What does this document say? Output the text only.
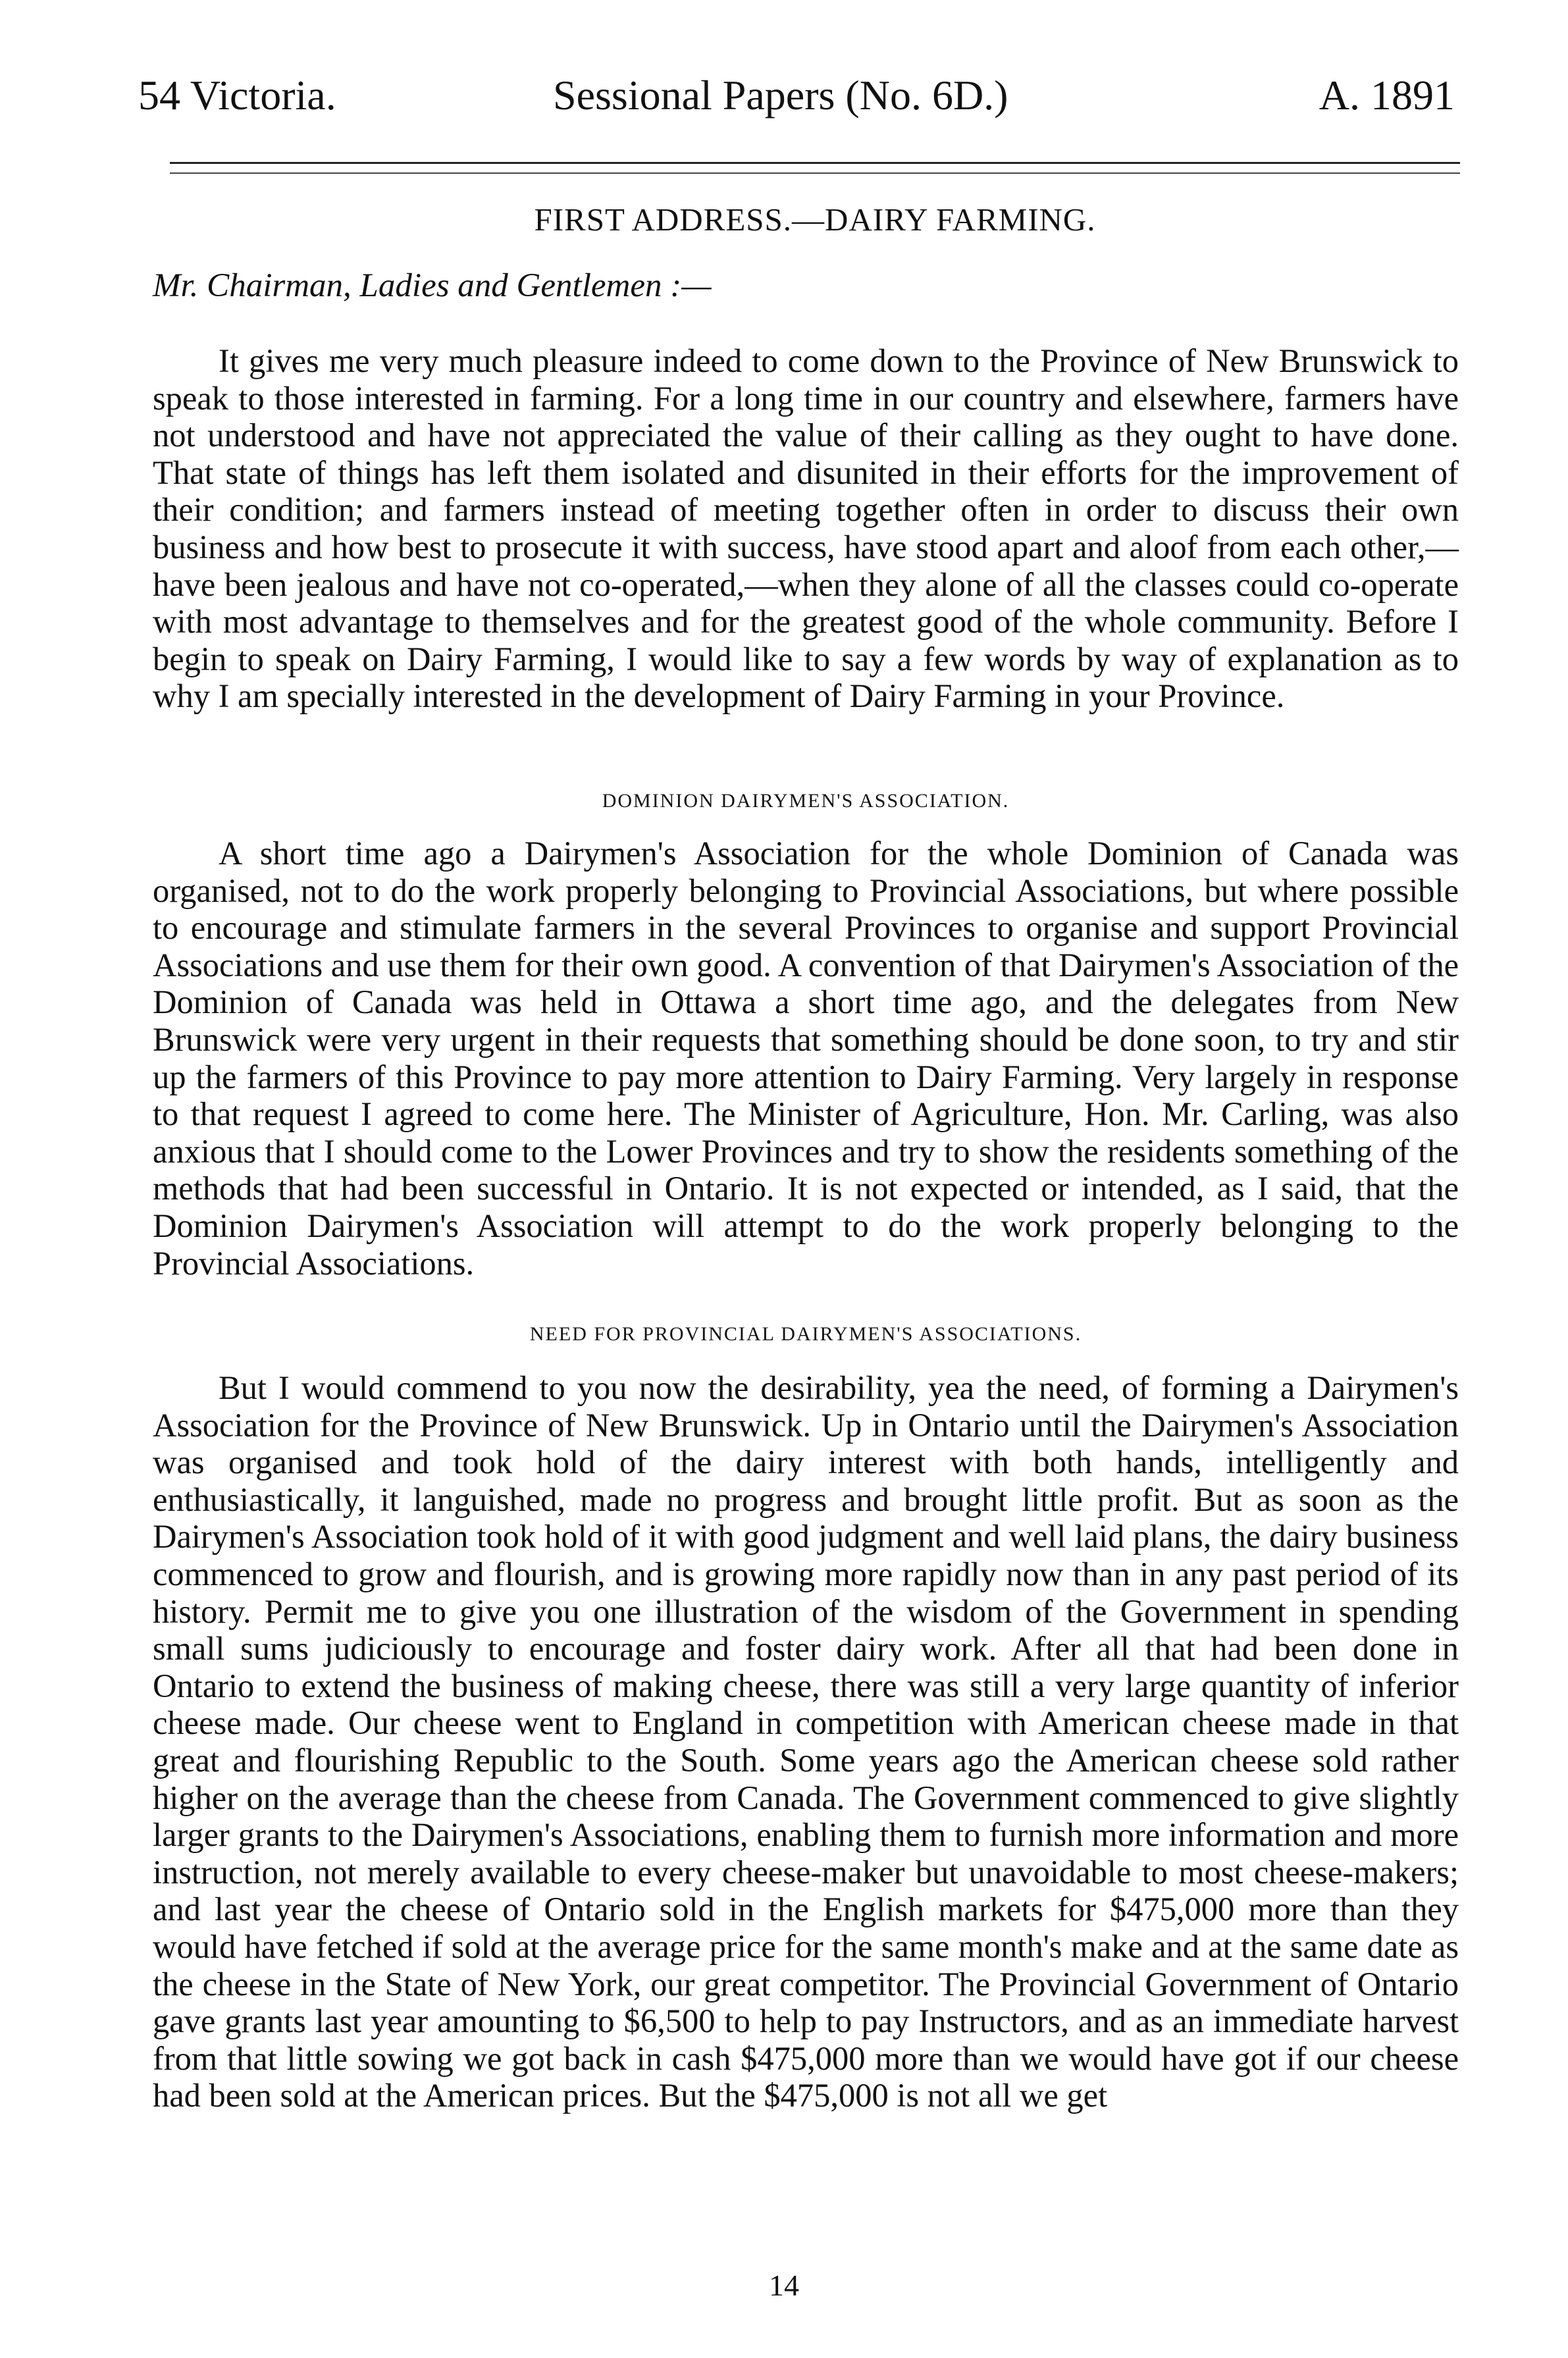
54 Victoria.	Sessional Papers (No. 6D.)	A. 1891
FIRST ADDRESS.—DAIRY FARMING.
Mr. Chairman, Ladies and Gentlemen :—

It gives me very much pleasure indeed to come down to the Province of New Brunswick to speak to those interested in farming. For a long time in our country and elsewhere, farmers have not understood and have not appreciated the value of their calling as they ought to have done. That state of things has left them isolated and disunited in their efforts for the improvement of their condition; and farmers instead of meeting together often in order to discuss their own business and how best to prosecute it with success, have stood apart and aloof from each other,—have been jealous and have not co-operated,—when they alone of all the classes could co-operate with most advantage to themselves and for the greatest good of the whole community. Before I begin to speak on Dairy Farming, I would like to say a few words by way of explanation as to why I am specially interested in the development of Dairy Farming in your Province.

DOMINION DAIRYMEN'S ASSOCIATION.

A short time ago a Dairymen's Association for the whole Dominion of Canada was organised, not to do the work properly belonging to Provincial Associations, but where possible to encourage and stimulate farmers in the several Provinces to organise and support Provincial Associations and use them for their own good. A convention of that Dairymen's Association of the Dominion of Canada was held in Ottawa a short time ago, and the delegates from New Brunswick were very urgent in their requests that something should be done soon, to try and stir up the farmers of this Province to pay more attention to Dairy Farming. Very largely in response to that request I agreed to come here. The Minister of Agriculture, Hon. Mr. Carling, was also anxious that I should come to the Lower Provinces and try to show the residents something of the methods that had been successful in Ontario. It is not expected or intended, as I said, that the Dominion Dairymen's Association will attempt to do the work properly belonging to the Provincial Associations.

NEED FOR PROVINCIAL DAIRYMEN'S ASSOCIATIONS.

But I would commend to you now the desirability, yea the need, of forming a Dairymen's Association for the Province of New Brunswick. Up in Ontario until the Dairymen's Association was organised and took hold of the dairy interest with both hands, intelligently and enthusiastically, it languished, made no progress and brought little profit. But as soon as the Dairymen's Association took hold of it with good judgment and well laid plans, the dairy business commenced to grow and flourish, and is growing more rapidly now than in any past period of its history. Permit me to give you one illustration of the wisdom of the Government in spending small sums judiciously to encourage and foster dairy work. After all that had been done in Ontario to extend the business of making cheese, there was still a very large quantity of inferior cheese made. Our cheese went to England in competition with American cheese made in that great and flourishing Republic to the South. Some years ago the American cheese sold rather higher on the average than the cheese from Canada. The Government commenced to give slightly larger grants to the Dairymen's Associations, enabling them to furnish more information and more instruction, not merely available to every cheese-maker but unavoidable to most cheese-makers; and last year the cheese of Ontario sold in the English markets for $475,000 more than they would have fetched if sold at the average price for the same month's make and at the same date as the cheese in the State of New York, our great competitor. The Provincial Government of Ontario gave grants last year amounting to $6,500 to help to pay Instructors, and as an immediate harvest from that little sowing we got back in cash $475,000 more than we would have got if our cheese had been sold at the American prices. But the $475,000 is not all we get

14
